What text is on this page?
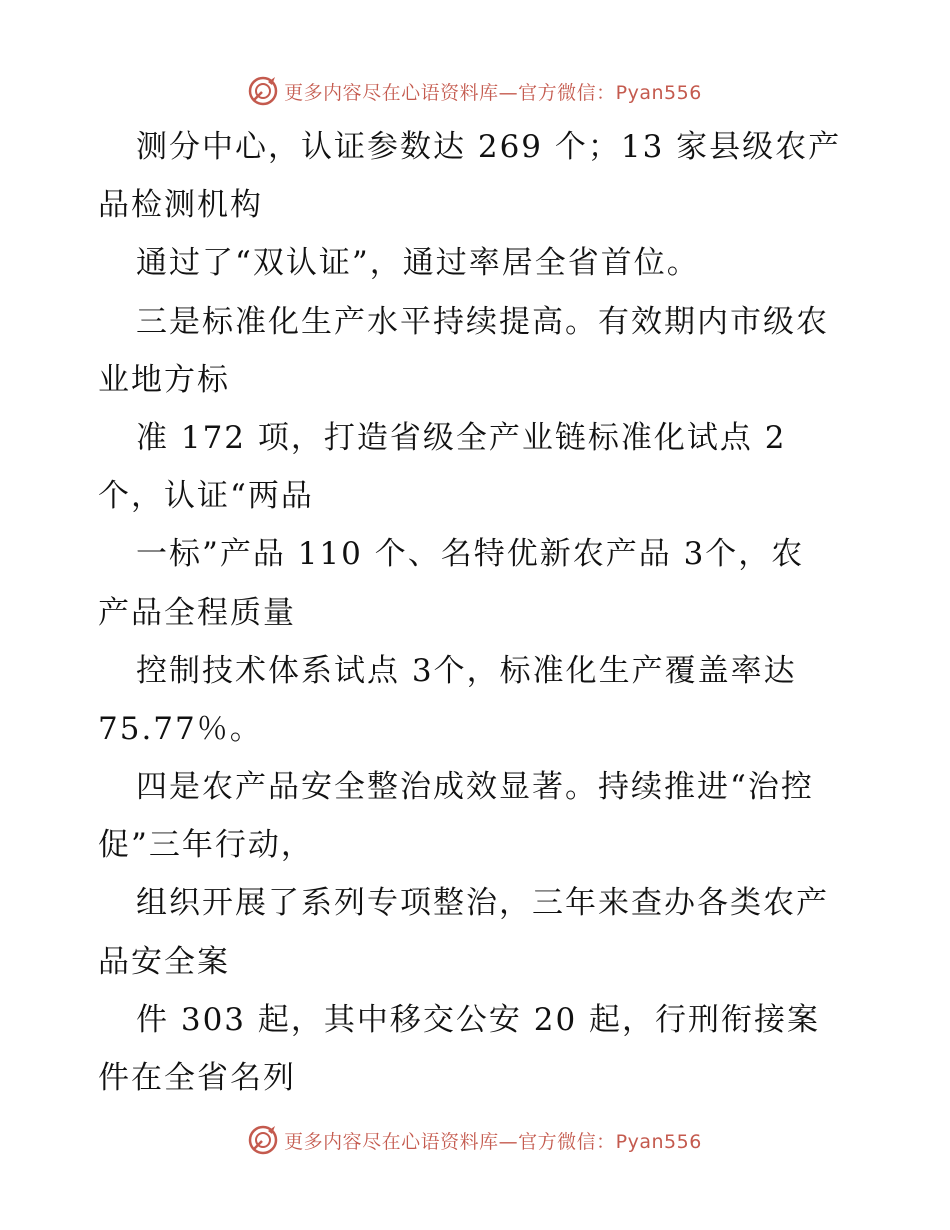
更多内容尽在心语资料库—官方微信：Pyan556
测分中心，认证参数达 269 个；13 家县级农产
品检测机构
通过了“双认证”，通过率居全省首位。
三是标准化生产水平持续提高。有效期内市级农
业地方标
准 172 项，打造省级全产业链标准化试点 2
个，认证“两品
一标”产品 110 个、名特优新农产品 3个，农
产品全程质量
控制技术体系试点 3个，标准化生产覆盖率达
75.77％。
四是农产品安全整治成效显著。持续推进“治控
促”三年行动，
组织开展了系列专项整治，三年来查办各类农产
品安全案
件 303 起，其中移交公安 20 起，行刑衔接案
件在全省名列
更多内容尽在心语资料库—官方微信：Pyan556
